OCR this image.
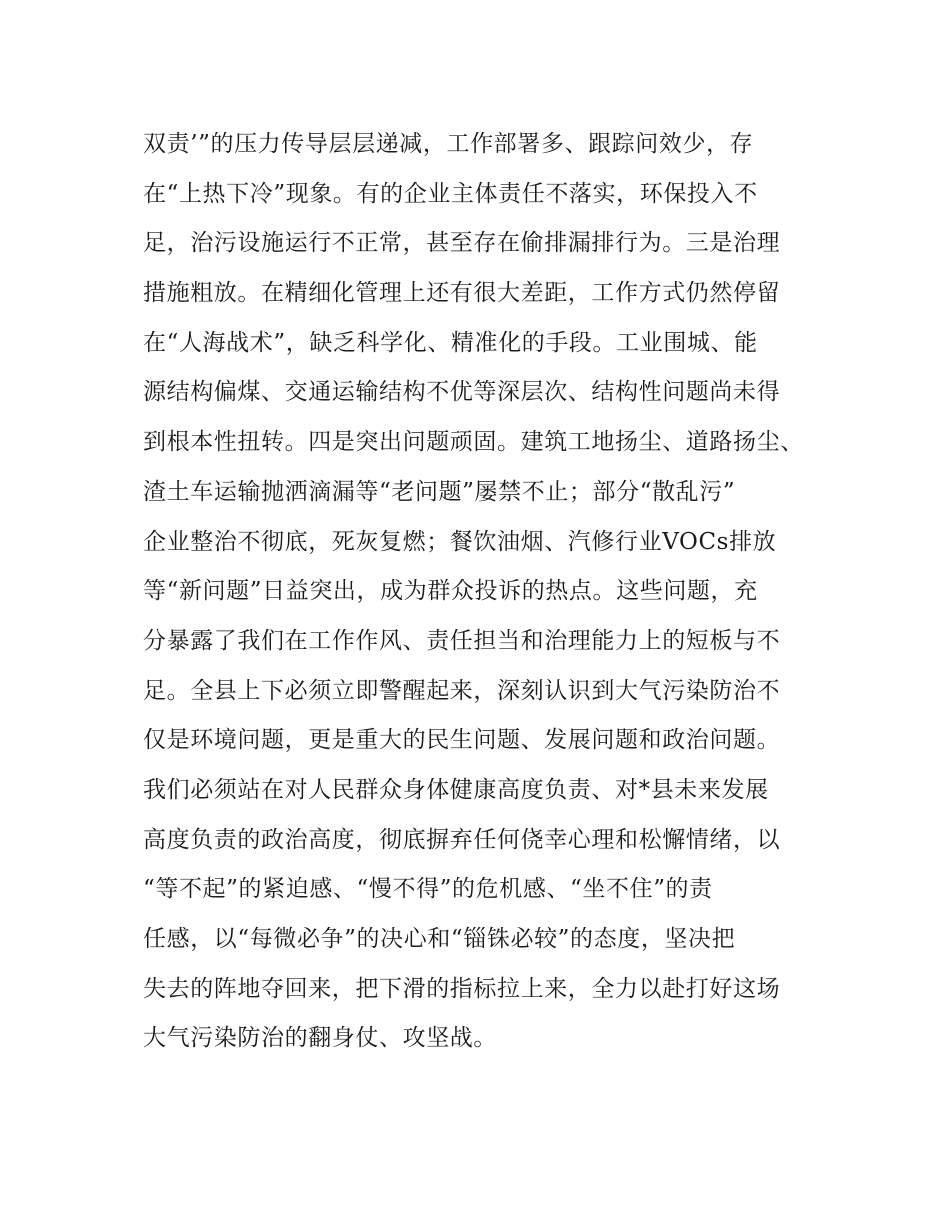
双责’”的压力传导层层递减，工作部署多、跟踪问效少，存
在“上热下冷”现象。有的企业主体责任不落实，环保投入不
足，治污设施运行不正常，甚至存在偷排漏排行为。三是治理
措施粗放。在精细化管理上还有很大差距，工作方式仍然停留
在“人海战术”，缺乏科学化、精准化的手段。工业围城、能
源结构偏煤、交通运输结构不优等深层次、结构性问题尚未得
到根本性扭转。四是突出问题顽固。建筑工地扬尘、道路扬尘、
渣土车运输抛洒滴漏等“老问题”屡禁不止；部分“散乱污”
企业整治不彻底，死灰复燃；餐饮油烟、汽修行业VOCs排放
等“新问题”日益突出，成为群众投诉的热点。这些问题，充
分暴露了我们在工作作风、责任担当和治理能力上的短板与不
足。全县上下必须立即警醒起来，深刻认识到大气污染防治不
仅是环境问题，更是重大的民生问题、发展问题和政治问题。
我们必须站在对人民群众身体健康高度负责、对*县未来发展
高度负责的政治高度，彻底摒弃任何侥幸心理和松懈情绪，以
“等不起”的紧迫感、“慢不得”的危机感、“坐不住”的责
任感，以“每微必争”的决心和“锱铢必较”的态度，坚决把
失去的阵地夺回来，把下滑的指标拉上来，全力以赴打好这场
大气污染防治的翻身仗、攻坚战。
